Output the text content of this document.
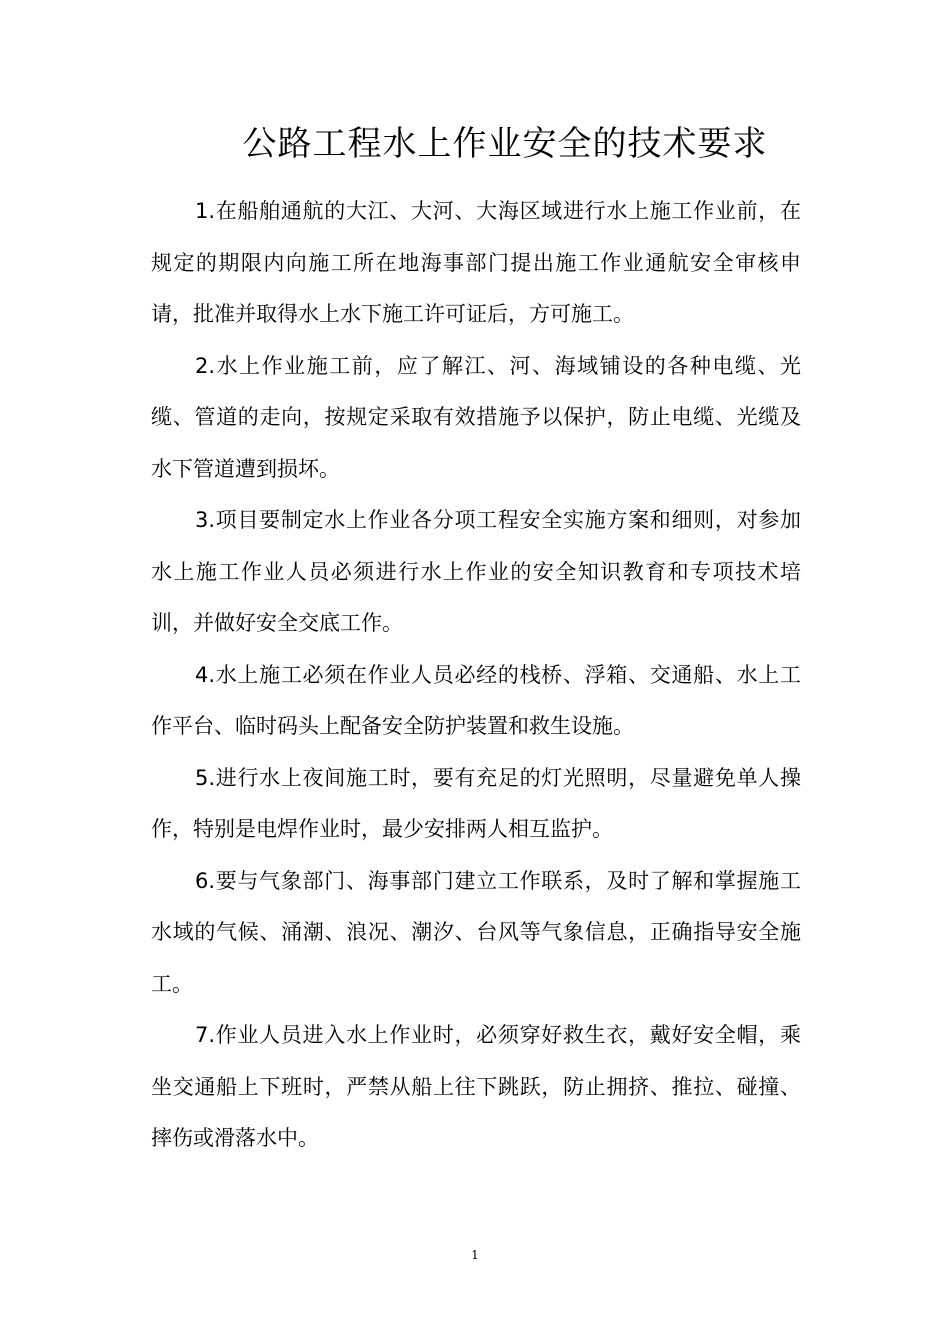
公路工程水上作业安全的技术要求

1.在船舶通航的大江、大河、大海区域进行水上施工作业前，在规定的期限内向施工所在地海事部门提出施工作业通航安全审核申请，批准并取得水上水下施工许可证后，方可施工。

2.水上作业施工前，应了解江、河、海域铺设的各种电缆、光缆、管道的走向，按规定采取有效措施予以保护，防止电缆、光缆及水下管道遭到损坏。

3.项目要制定水上作业各分项工程安全实施方案和细则，对参加水上施工作业人员必须进行水上作业的安全知识教育和专项技术培训，并做好安全交底工作。

4.水上施工必须在作业人员必经的栈桥、浮箱、交通船、水上工作平台、临时码头上配备安全防护装置和救生设施。

5.进行水上夜间施工时，要有充足的灯光照明，尽量避免单人操作，特别是电焊作业时，最少安排两人相互监护。

6.要与气象部门、海事部门建立工作联系，及时了解和掌握施工水域的气候、涌潮、浪况、潮汐、台风等气象信息，正确指导安全施工。

7.作业人员进入水上作业时，必须穿好救生衣，戴好安全帽，乘坐交通船上下班时，严禁从船上往下跳跃，防止拥挤、推拉、碰撞、摔伤或滑落水中。

1
